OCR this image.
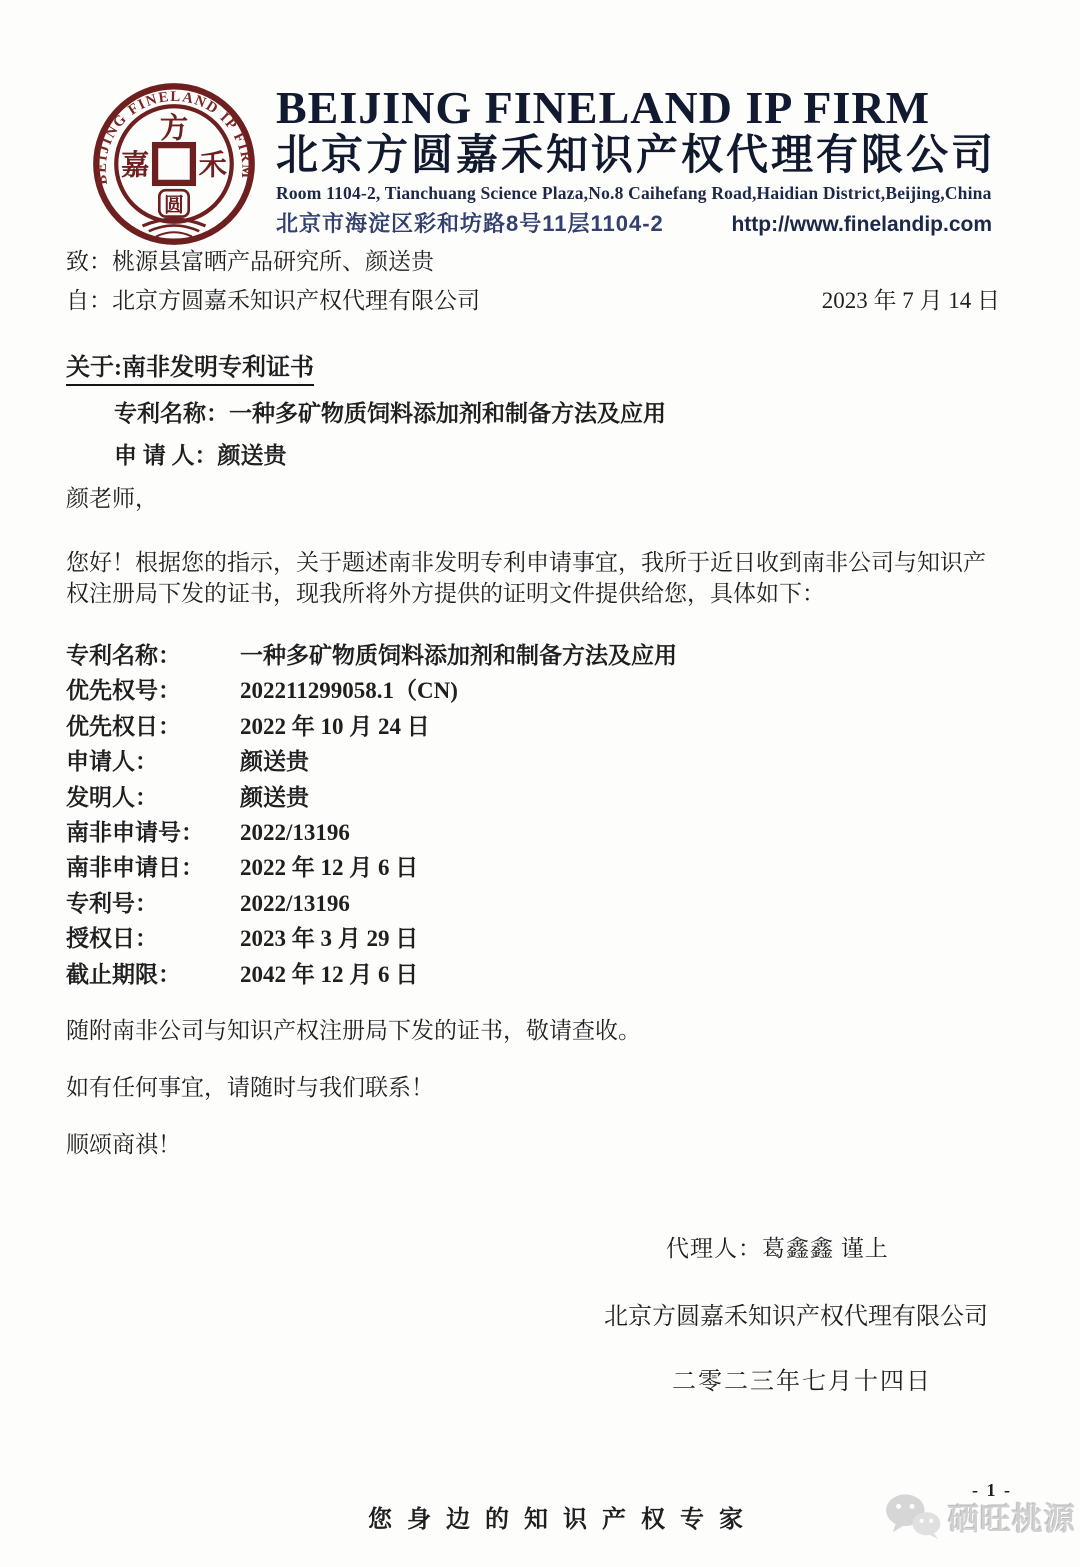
BEIJING FINELAND IP FIRM
方
嘉 禾
圆
BEIJING FINELAND IP FIRM
北京方圆嘉禾知识产权代理有限公司
Room 1104-2, Tianchuang Science Plaza,No.8 Caihefang Road,Haidian District,Beijing,China
北京市海淀区彩和坊路8号11层1104-2	http://www.finelandip.com
致：桃源县富晒产品研究所、颜送贵
自：北京方圆嘉禾知识产权代理有限公司	2023 年 7 月 14 日
关于:南非发明专利证书
专利名称：一种多矿物质饲料添加剂和制备方法及应用
申 请 人：颜送贵
颜老师，
您好！根据您的指示，关于题述南非发明专利申请事宜，我所于近日收到南非公司与知识产
权注册局下发的证书，现我所将外方提供的证明文件提供给您，具体如下：
专利名称：	一种多矿物质饲料添加剂和制备方法及应用
优先权号：	202211299058.1（CN)
优先权日：	2022 年 10 月 24 日
申请人：	颜送贵
发明人：	颜送贵
南非申请号： 2022/13196
南非申请日： 2022 年 12 月 6 日
专利号：	2022/13196
授权日：	2023 年 3 月 29 日
截止期限：	2042 年 12 月 6 日
随附南非公司与知识产权注册局下发的证书，敬请查收。
如有任何事宜，请随时与我们联系！
顺颂商祺！
代理人：葛鑫鑫 谨上
北京方圆嘉禾知识产权代理有限公司
二零二三年七月十四日
您身边的知识产权专家
- 1 -
硒旺桃源
